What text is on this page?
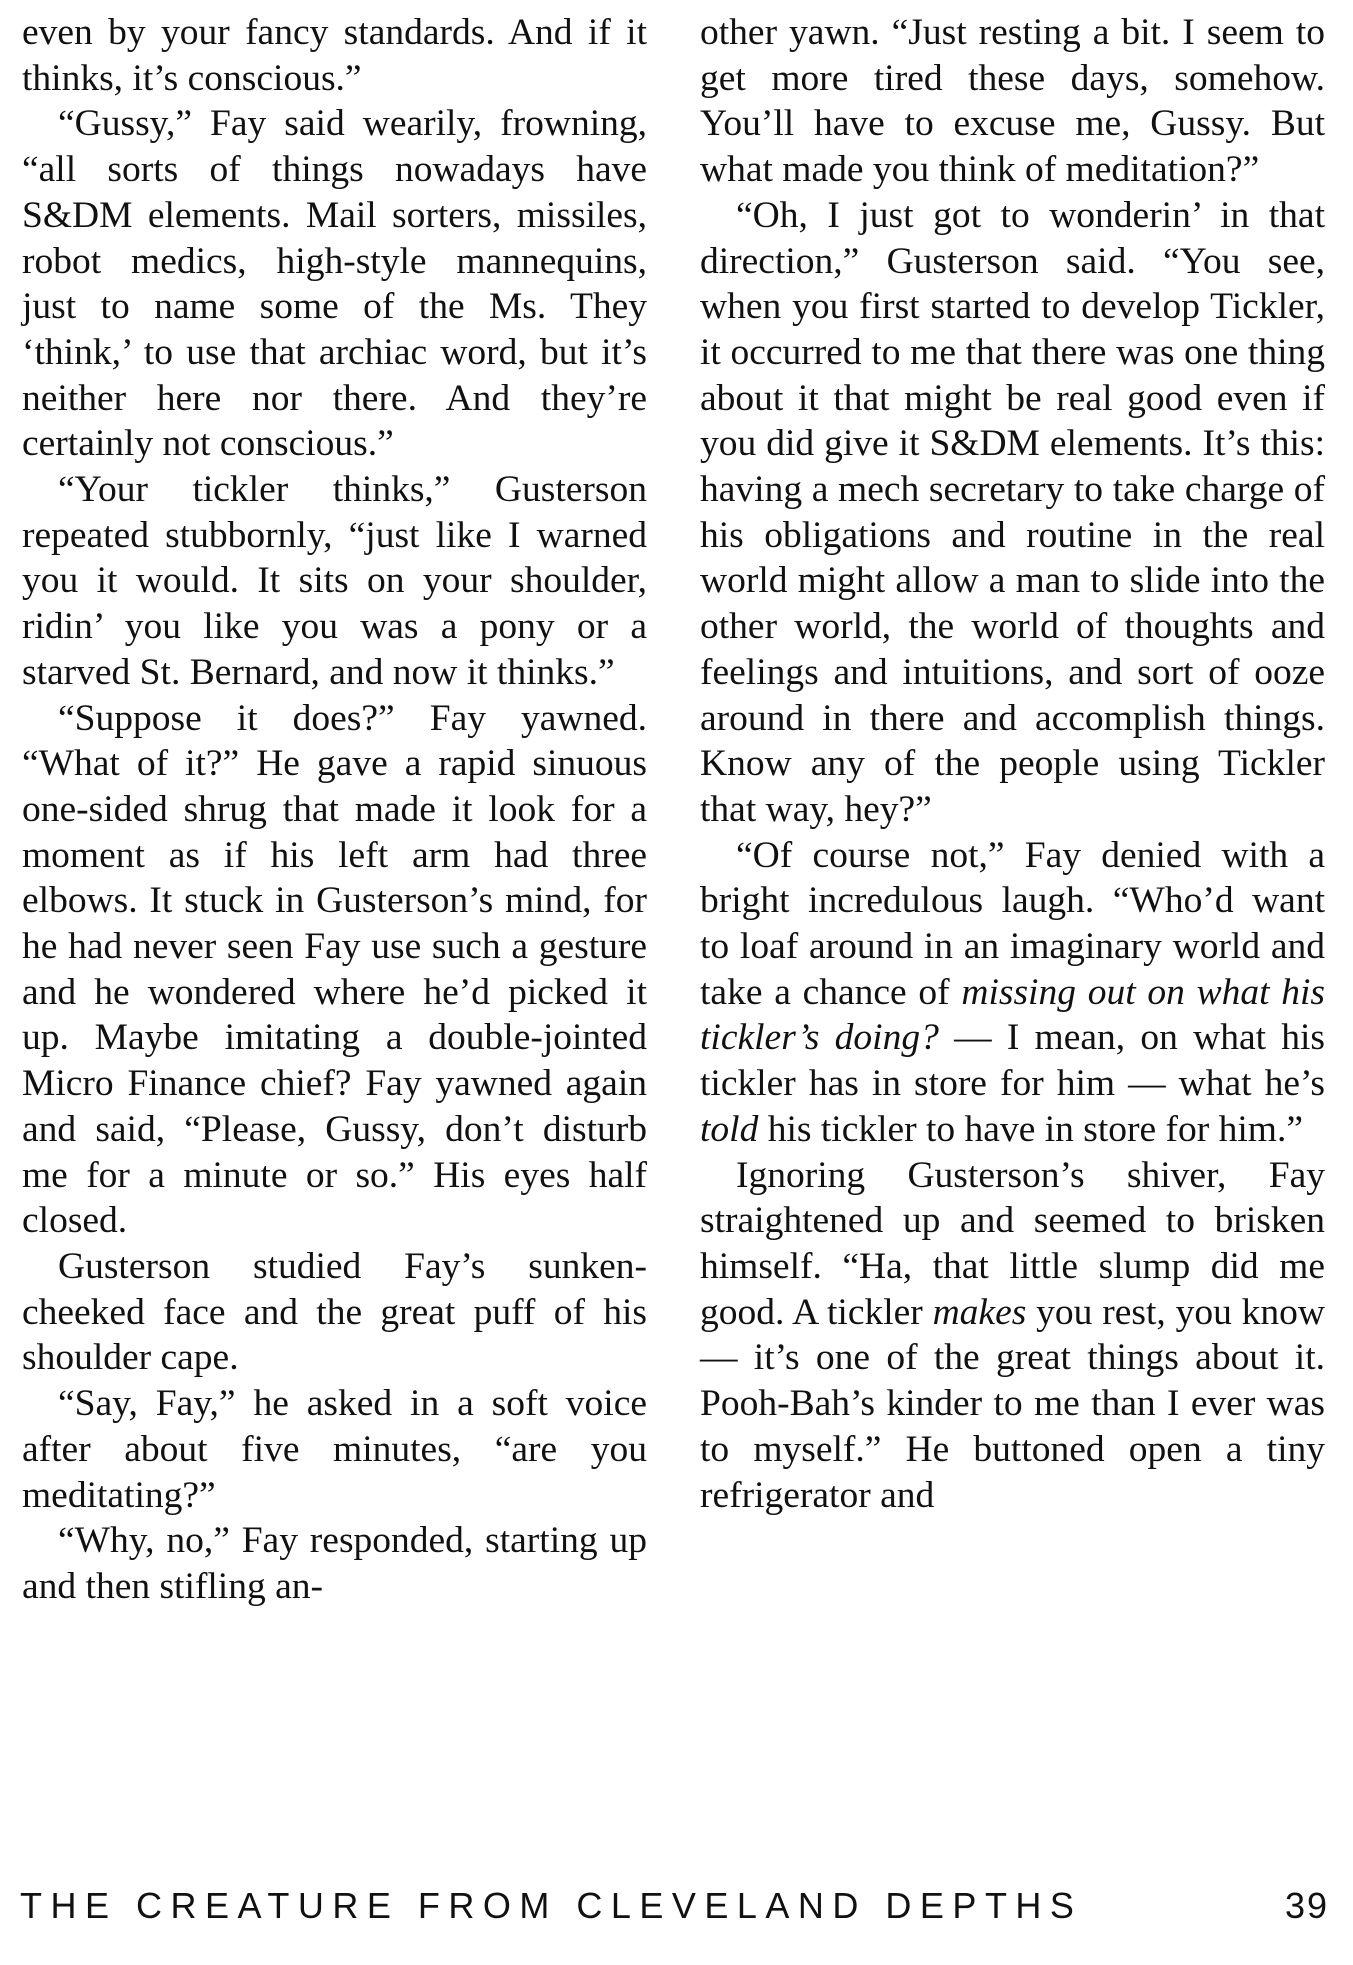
even by your fancy standards. And if it thinks, it’s conscious.”

“Gussy,” Fay said wearily, frowning, “all sorts of things nowadays have S&DM elements. Mail sorters, missiles, robot medics, high-style mannequins, just to name some of the Ms. They ‘think,’ to use that archiac word, but it’s neither here nor there. And they’re certainly not conscious.”

“Your tickler thinks,” Gusterson repeated stubbornly, “just like I warned you it would. It sits on your shoulder, ridin’ you like you was a pony or a starved St. Bernard, and now it thinks.”

“Suppose it does?” Fay yawned. “What of it?” He gave a rapid sinuous one-sided shrug that made it look for a moment as if his left arm had three elbows. It stuck in Gusterson’s mind, for he had never seen Fay use such a gesture and he wondered where he’d picked it up. Maybe imitating a double-jointed Micro Finance chief? Fay yawned again and said, “Please, Gussy, don’t disturb me for a minute or so.” His eyes half closed.

Gusterson studied Fay’s sunken-cheeked face and the great puff of his shoulder cape.

“Say, Fay,” he asked in a soft voice after about five minutes, “are you meditating?”

“Why, no,” Fay responded, starting up and then stifling an-

other yawn. “Just resting a bit. I seem to get more tired these days, somehow. You’ll have to excuse me, Gussy. But what made you think of meditation?”

“Oh, I just got to wonderin’ in that direction,” Gusterson said. “You see, when you first started to develop Tickler, it occurred to me that there was one thing about it that might be real good even if you did give it S&DM elements. It’s this: having a mech secretary to take charge of his obligations and routine in the real world might allow a man to slide into the other world, the world of thoughts and feelings and intuitions, and sort of ooze around in there and accomplish things. Know any of the people using Tickler that way, hey?”

“Of course not,” Fay denied with a bright incredulous laugh. “Who’d want to loaf around in an imaginary world and take a chance of missing out on what his tickler’s doing? — I mean, on what his tickler has in store for him — what he’s told his tickler to have in store for him.”

Ignoring Gusterson’s shiver, Fay straightened up and seemed to brisken himself. “Ha, that little slump did me good. A tickler makes you rest, you know — it’s one of the great things about it. Pooh-Bah’s kinder to me than I ever was to myself.” He buttoned open a tiny refrigerator and

THE CREATURE FROM CLEVELAND DEPTHS	39
